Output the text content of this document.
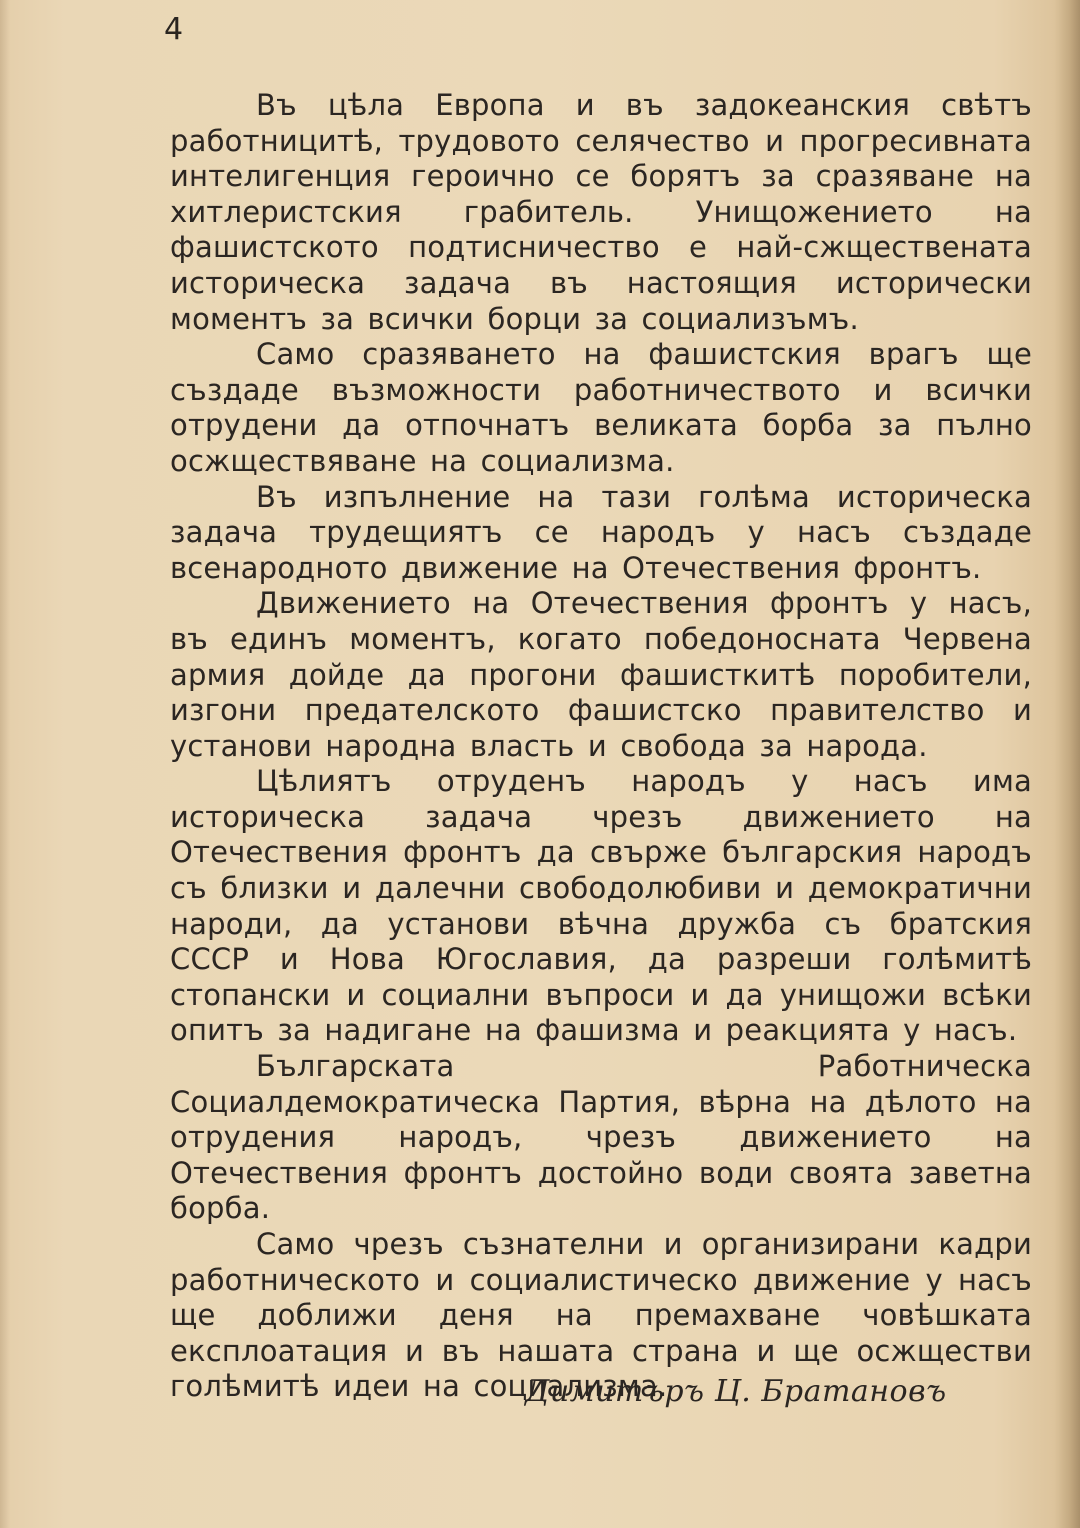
4

Въ цѣла Европа и въ задокеанския свѣтъ работницитѣ, трудовото селячество и прогресивната интелигенция героично се борятъ за сразяване на хитлеристския грабитель. Унищожението на фашистското подтисничество е най-сжществената историческа задача въ настоящия исторически моментъ за всички борци за социализъмъ.

Само сразяването на фашистския врагъ ще създаде възможности работничеството и всички отрудени да отпочнатъ великата борба за пълно осжществяване на социализма.

Въ изпълнение на тази голѣма историческа задача трудещиятъ се народъ у насъ създаде всенародното движение на Отечествения фронтъ.

Движението на Отечествения фронтъ у насъ, въ единъ моментъ, когато победоносната Червена армия дойде да прогони фашисткитѣ поробители, изгони предателското фашистско правителство и установи народна власть и свобода за народа.

Цѣлиятъ отруденъ народъ у насъ има историческа задача чрезъ движението на Отечествения фронтъ да свърже българския народъ съ близки и далечни свободолюбиви и демократични народи, да установи вѣчна дружба съ братския СССР и Нова Югославия, да разреши голѣмитѣ стопански и социални въпроси и да унищожи всѣки опитъ за надигане на фашизма и реакцията у насъ.

Българската Работническа Социалдемократическа Партия, вѣрна на дѣлото на отрудения народъ, чрезъ движението на Отечествения фронтъ достойно води своята заветна борба.

Само чрезъ съзнателни и организирани кадри работническото и социалистическо движение у насъ ще доближи деня на премахване човѣшката експлоатация и въ нашата страна и ще осжществи голѣмитѣ идеи на социализма.

Димитъръ Ц. Братановъ
